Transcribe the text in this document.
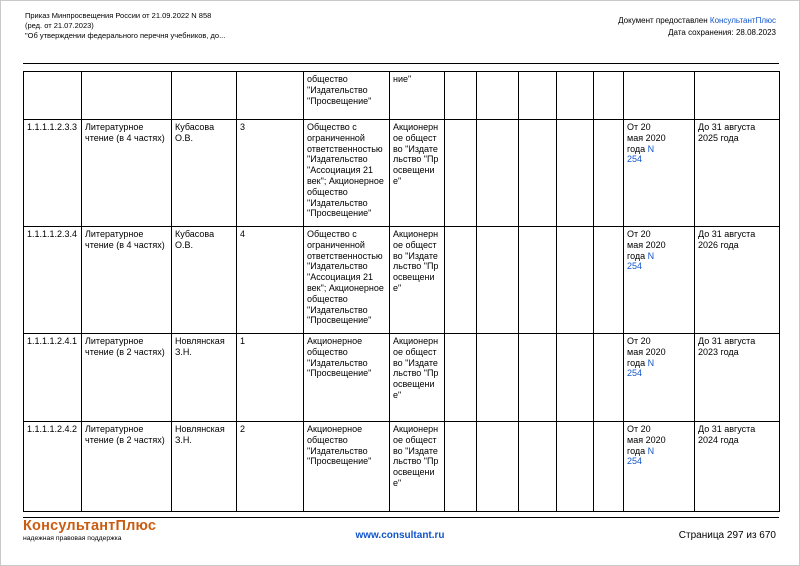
Приказ Минпросвещения России от 21.09.2022 N 858
(ред. от 21.07.2023)
"Об утверждении федерального перечня учебников, до...
Документ предоставлен КонсультантПлюс
Дата сохранения: 28.08.2023
				общество "Издательство "Просвещение"	ние"							
1.1.1.1.2.3.3	Литературное чтение (в 4 частях)	Кубасова О.В.	3	Общество с ограниченной ответственностью "Издательство "Ассоциация 21 век"; Акционерное общество "Издательство "Просвещение"	Акционерное общество "Издательство "Просвещение"						От 20 мая 2020 года N 254	До 31 августа 2025 года
1.1.1.1.2.3.4	Литературное чтение (в 4 частях)	Кубасова О.В.	4	Общество с ограниченной ответственностью "Издательство "Ассоциация 21 век"; Акционерное общество "Издательство "Просвещение"	Акционерное общество "Издательство "Просвещение"						От 20 мая 2020 года N 254	До 31 августа 2026 года
1.1.1.1.2.4.1	Литературное чтение (в 2 частях)	Новлянская З.Н.	1	Акционерное общество "Издательство "Просвещение"	Акционерное общество "Издательство "Просвещение"						От 20 мая 2020 года N 254	До 31 августа 2023 года
1.1.1.1.2.4.2	Литературное чтение (в 2 частях)	Новлянская З.Н.	2	Акционерное общество "Издательство "Просвещение"	Акционерное общество "Издательство "Просвещение"						От 20 мая 2020 года N 254	До 31 августа 2024 года
КонсультантПлюс
надежная правовая поддержка	www.consultant.ru	Страница 297 из 670
